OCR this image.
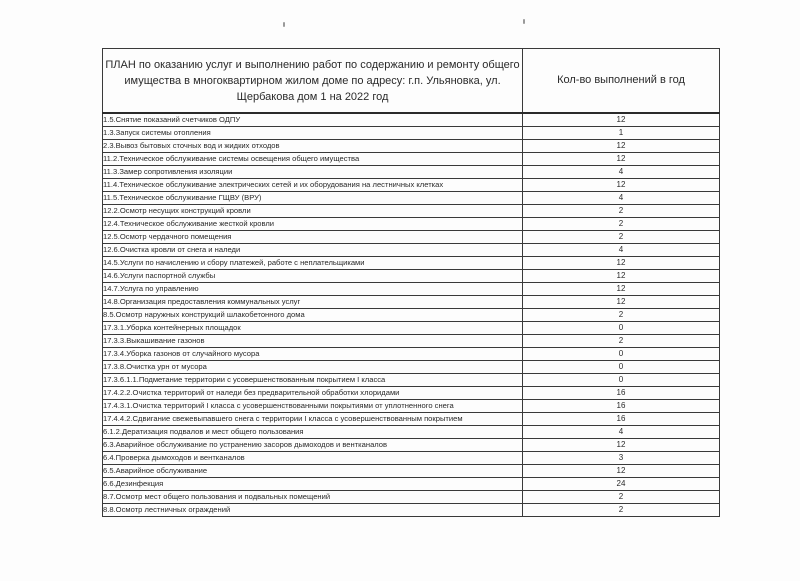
ПЛАН по оказанию услуг и выполнению работ по содержанию и ремонту общего имущества в многоквартирном жилом доме по адресу: г.п. Ульяновка, ул. Щербакова дом 1 на 2022 год	Кол-во выполнений в год
1.5.Снятие показаний счетчиков ОДПУ	12
1.3.Запуск системы отопления	1
2.3.Вывоз бытовых сточных вод и жидких отходов	12
11.2.Техническое обслуживание системы освещения общего имущества	12
11.3.Замер сопротивления изоляции	4
11.4.Техническое обслуживание электрических сетей и их оборудования на лестничных клетках	12
11.5.Техническое обслуживание ГЩВУ (ВРУ)	4
12.2.Осмотр несущих конструкций кровли	2
12.4.Техническое обслуживание жесткой кровли	2
12.5.Осмотр чердачного помещения	2
12.6.Очистка кровли от снега и наледи	4
14.5.Услуги по начислению и сбору платежей, работе с неплательщиками	12
14.6.Услуги паспортной службы	12
14.7.Услуга по управлению	12
14.8.Организация предоставления коммунальных услуг	12
8.5.Осмотр наружных конструкций шлакобетонного дома	2
17.3.1.Уборка контейнерных площадок	0
17.3.3.Выкашивание газонов	2
17.3.4.Уборка газонов от случайного мусора	0
17.3.8.Очистка урн от мусора	0
17.3.6.1.1.Подметание территории с усовершенствованным покрытием I класса	0
17.4.2.2.Очистка территорий от наледи без предварительной обработки хлоридами	16
17.4.3.1.Очистка территорий I класса с усовершенствованными покрытиями от уплотненного снега	16
17.4.4.2.Сдвигание свежевыпавшего снега с территории I класса с усовершенствованным покрытием	16
6.1.2.Дератизация подвалов и мест общего пользования	4
6.3.Аварийное обслуживание по устранению засоров дымоходов и вентканалов	12
6.4.Проверка дымоходов и вентканалов	3
6.5.Аварийное обслуживание	12
6.6.Дезинфекция	24
8.7.Осмотр мест общего пользования и подвальных помещений	2
8.8.Осмотр лестничных ограждений	2
